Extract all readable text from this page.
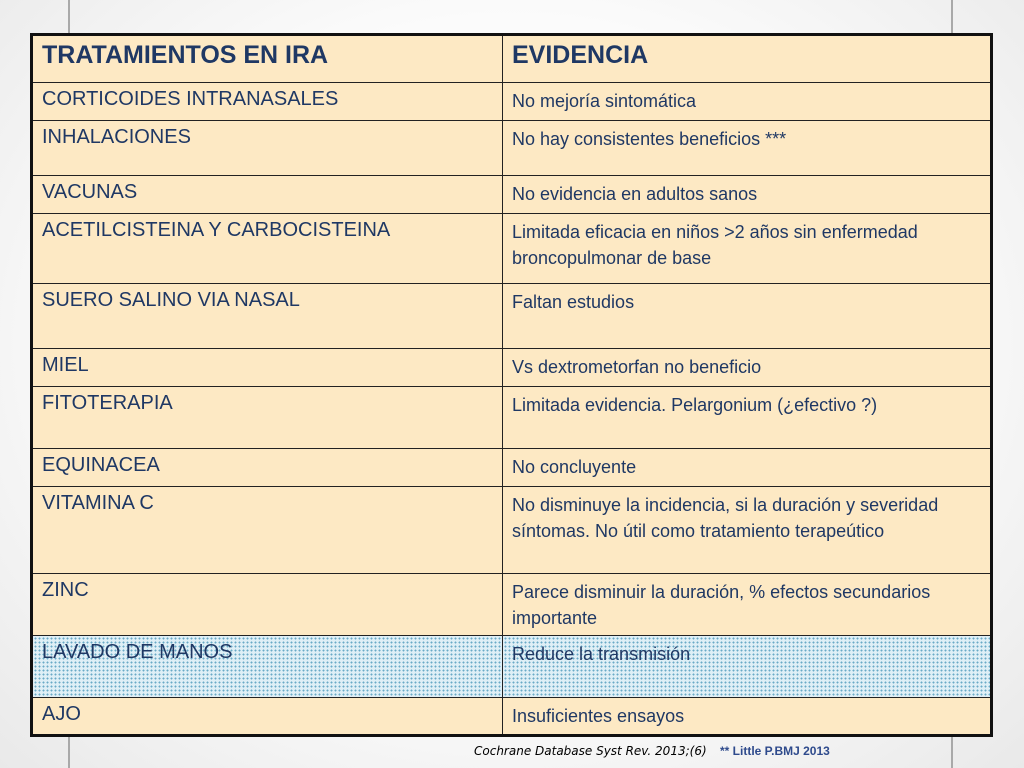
TRATAMIENTOS EN IRA	EVIDENCIA
CORTICOIDES INTRANASALES	No mejoría sintomática
INHALACIONES	No hay consistentes beneficios ***
VACUNAS	No evidencia en adultos sanos
ACETILCISTEINA Y CARBOCISTEINA	Limitada eficacia en niños >2 años sin enfermedad broncopulmonar de base
SUERO SALINO VIA NASAL	Faltan estudios
MIEL	Vs dextrometorfan no beneficio
FITOTERAPIA	Limitada evidencia. Pelargonium (¿efectivo ?)
EQUINACEA	No concluyente
VITAMINA C	No disminuye la incidencia, si la duración y severidad síntomas. No útil como tratamiento terapeútico
ZINC	Parece disminuir la duración, % efectos secundarios importante
LAVADO DE MANOS	Reduce la transmisión
AJO	Insuficientes ensayos
Cochrane Database Syst Rev. 2013;(6) ** Little P.BMJ 2013
